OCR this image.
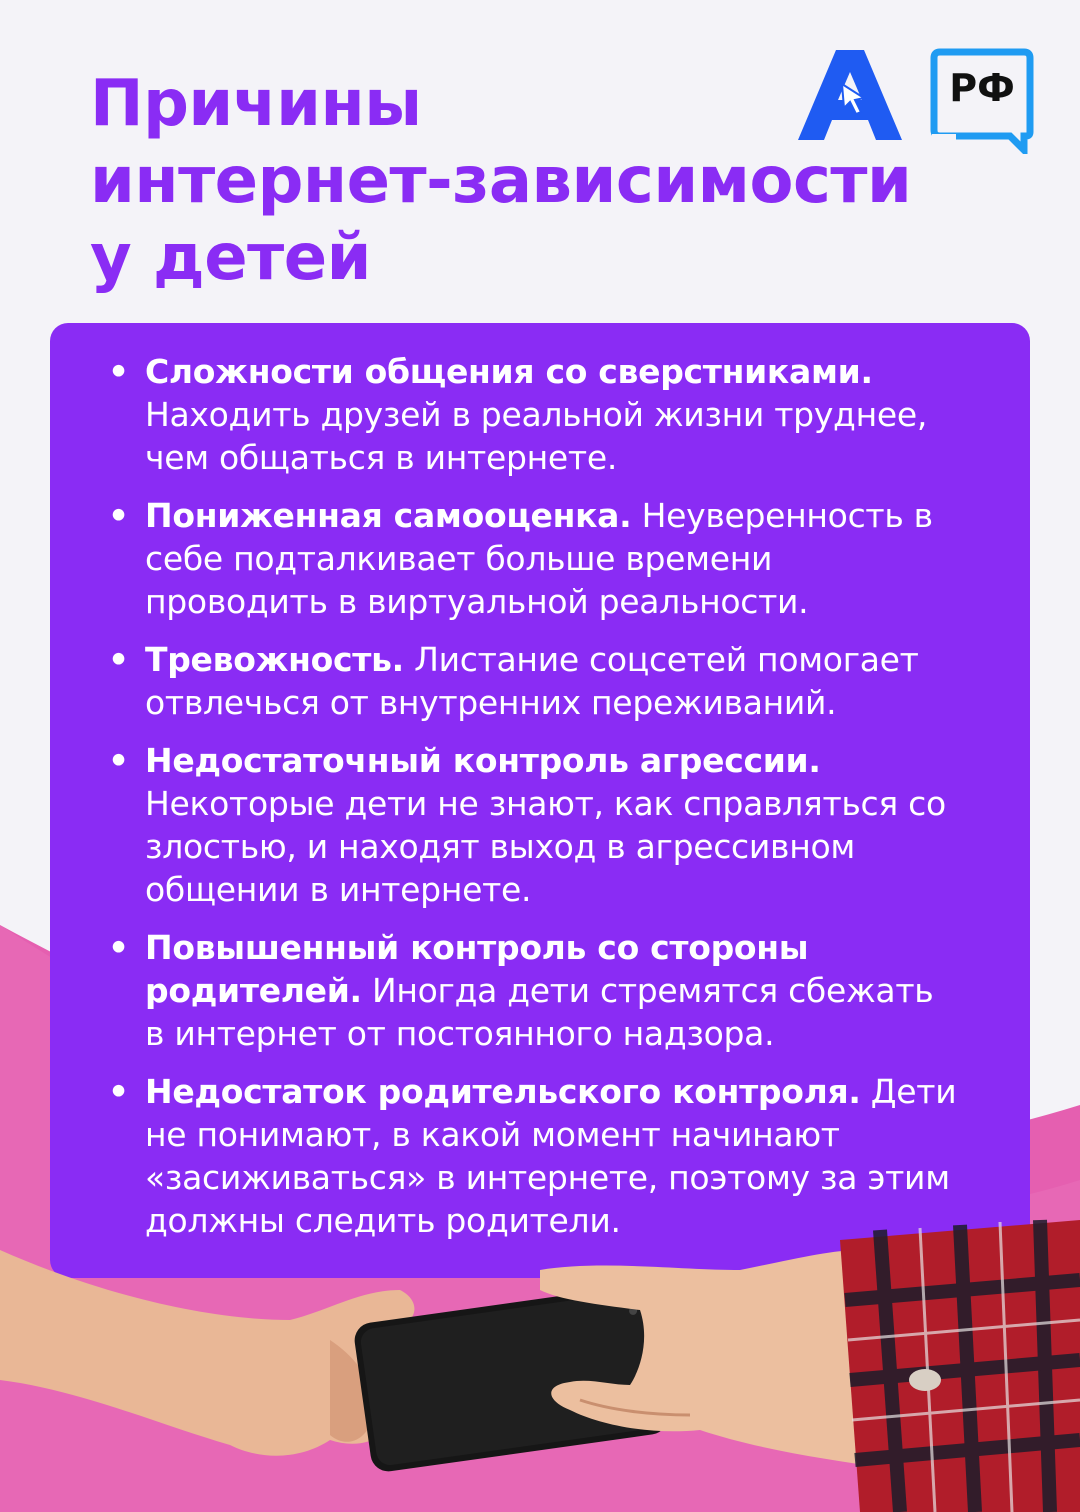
Причины
интернет-зависимости
у детей
РФ
• Сложности общения со сверстниками. Находить друзей в реальной жизни труднее, чем общаться в интернете.
• Пониженная самооценка. Неуверенность в себе подталкивает больше времени проводить в виртуальной реальности.
• Тревожность. Листание соцсетей помогает отвлечься от внутренних переживаний.
• Недостаточный контроль агрессии. Некоторые дети не знают, как справляться со злостью, и находят выход в агрессивном общении в интернете.
• Повышенный контроль со стороны родителей. Иногда дети стремятся сбежать в интернет от постоянного надзора.
• Недостаток родительского контроля. Дети не понимают, в какой момент начинают «засиживаться» в интернете, поэтому за этим должны следить родители.
